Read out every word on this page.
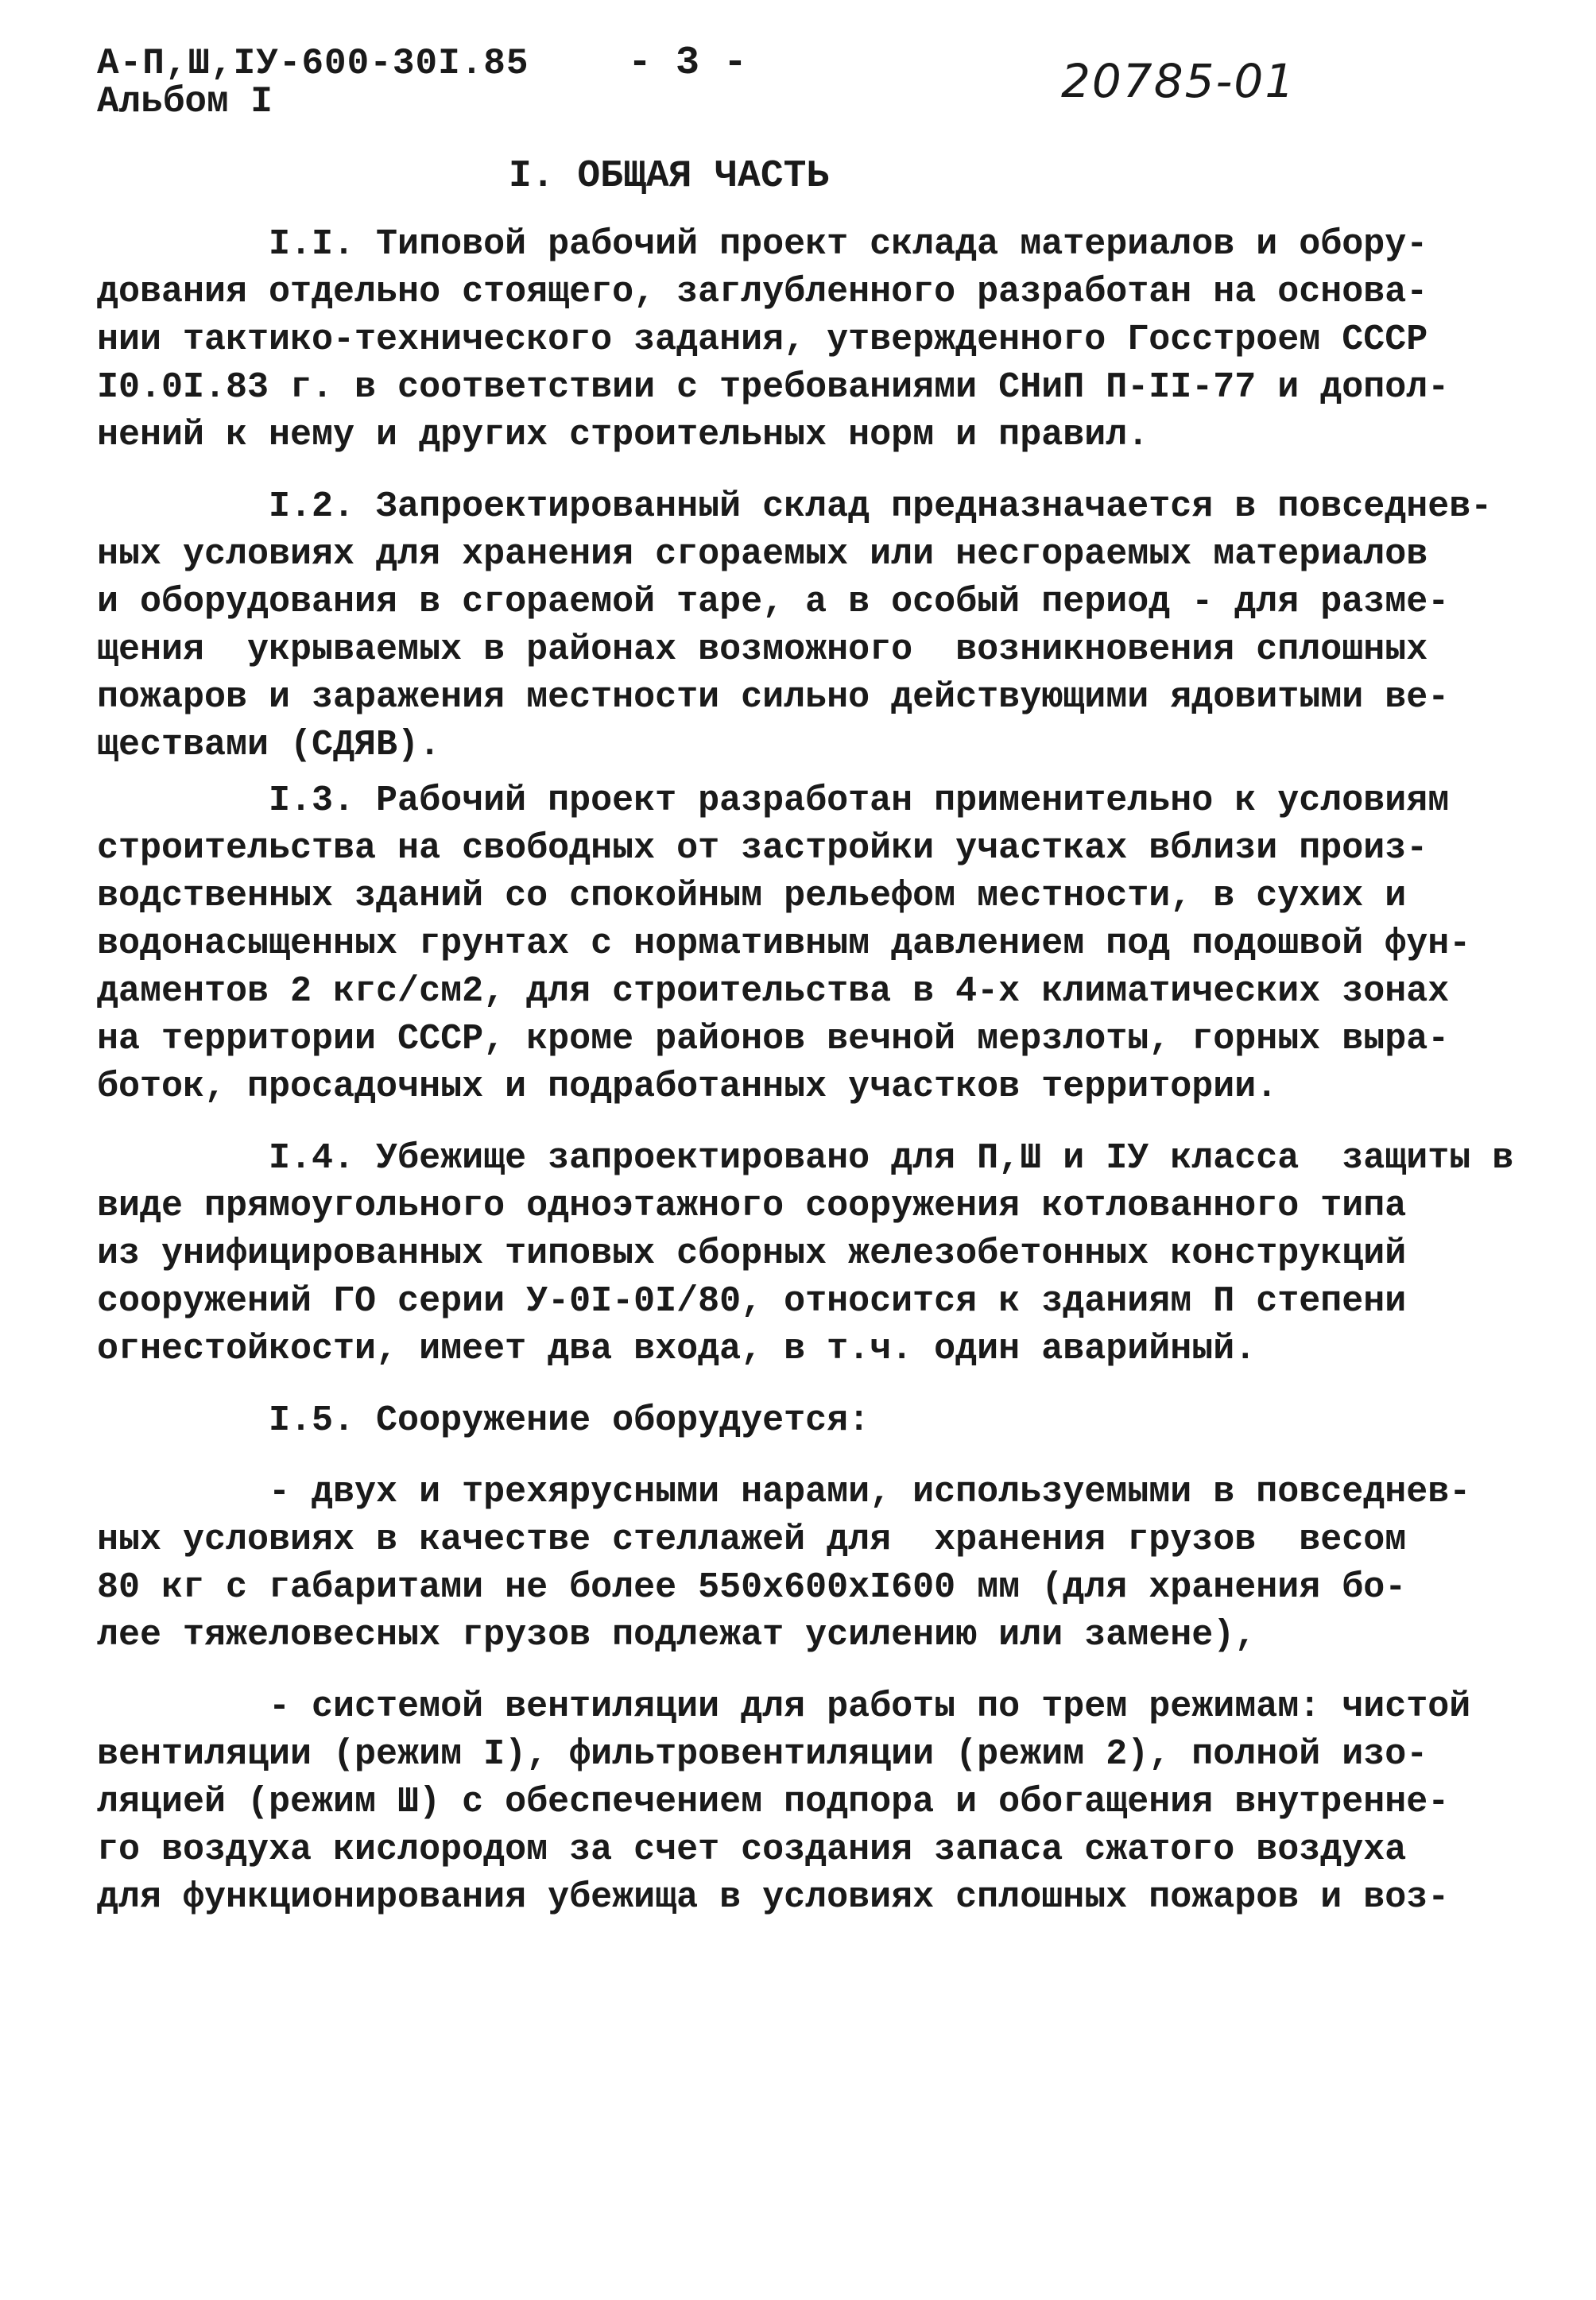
А-П,Ш,IУ-600-30I.85
Альбом I
- 3 -	20785-01
I. ОБЩАЯ ЧАСТЬ
I.I. Типовой рабочий проект склада материалов и обору-
дования отдельно стоящего, заглубленного разработан на основа-
нии тактико-технического задания, утвержденного Госстроем СССР
I0.0I.83 г. в соответствии с требованиями СНиП П-II-77 и допол-
нений к нему и других строительных норм и правил.
I.2. Запроектированный склад предназначается в повседнев-
ных условиях для хранения сгораемых или несгораемых материалов
и оборудования в сгораемой таре, а в особый период - для разме-
щения  укрываемых в районах возможного  возникновения сплошных
пожаров и заражения местности сильно действующими ядовитыми ве-
ществами (СДЯВ).
I.3. Рабочий проект разработан применительно к условиям
строительства на свободных от застройки участках вблизи произ-
водственных зданий со спокойным рельефом местности, в сухих и
водонасыщенных грунтах с нормативным давлением под подошвой фун-
даментов 2 кгс/см2, для строительства в 4-х климатических зонах
на территории СССР, кроме районов вечной мерзлоты, горных выра-
боток, просадочных и подработанных участков территории.
I.4. Убежище запроектировано для П,Ш и IУ класса  защиты в
виде прямоугольного одноэтажного сооружения котлованного типа
из унифицированных типовых сборных железобетонных конструкций
сооружений ГО серии У-0I-0I/80, относится к зданиям П степени
огнестойкости, имеет два входа, в т.ч. один аварийный.
I.5. Сооружение оборудуется:
- двух и трехярусными нарами, используемыми в повседнев-
ных условиях в качестве стеллажей для  хранения грузов  весом
80 кг с габаритами не более 550х600хI600 мм (для хранения бо-
лее тяжеловесных грузов подлежат усилению или замене),
- системой вентиляции для работы по трем режимам: чистой
вентиляции (режим I), фильтровентиляции (режим 2), полной изо-
ляцией (режим Ш) с обеспечением подпора и обогащения внутренне-
го воздуха кислородом за счет создания запаса сжатого воздуха
для функционирования убежища в условиях сплошных пожаров и воз-
